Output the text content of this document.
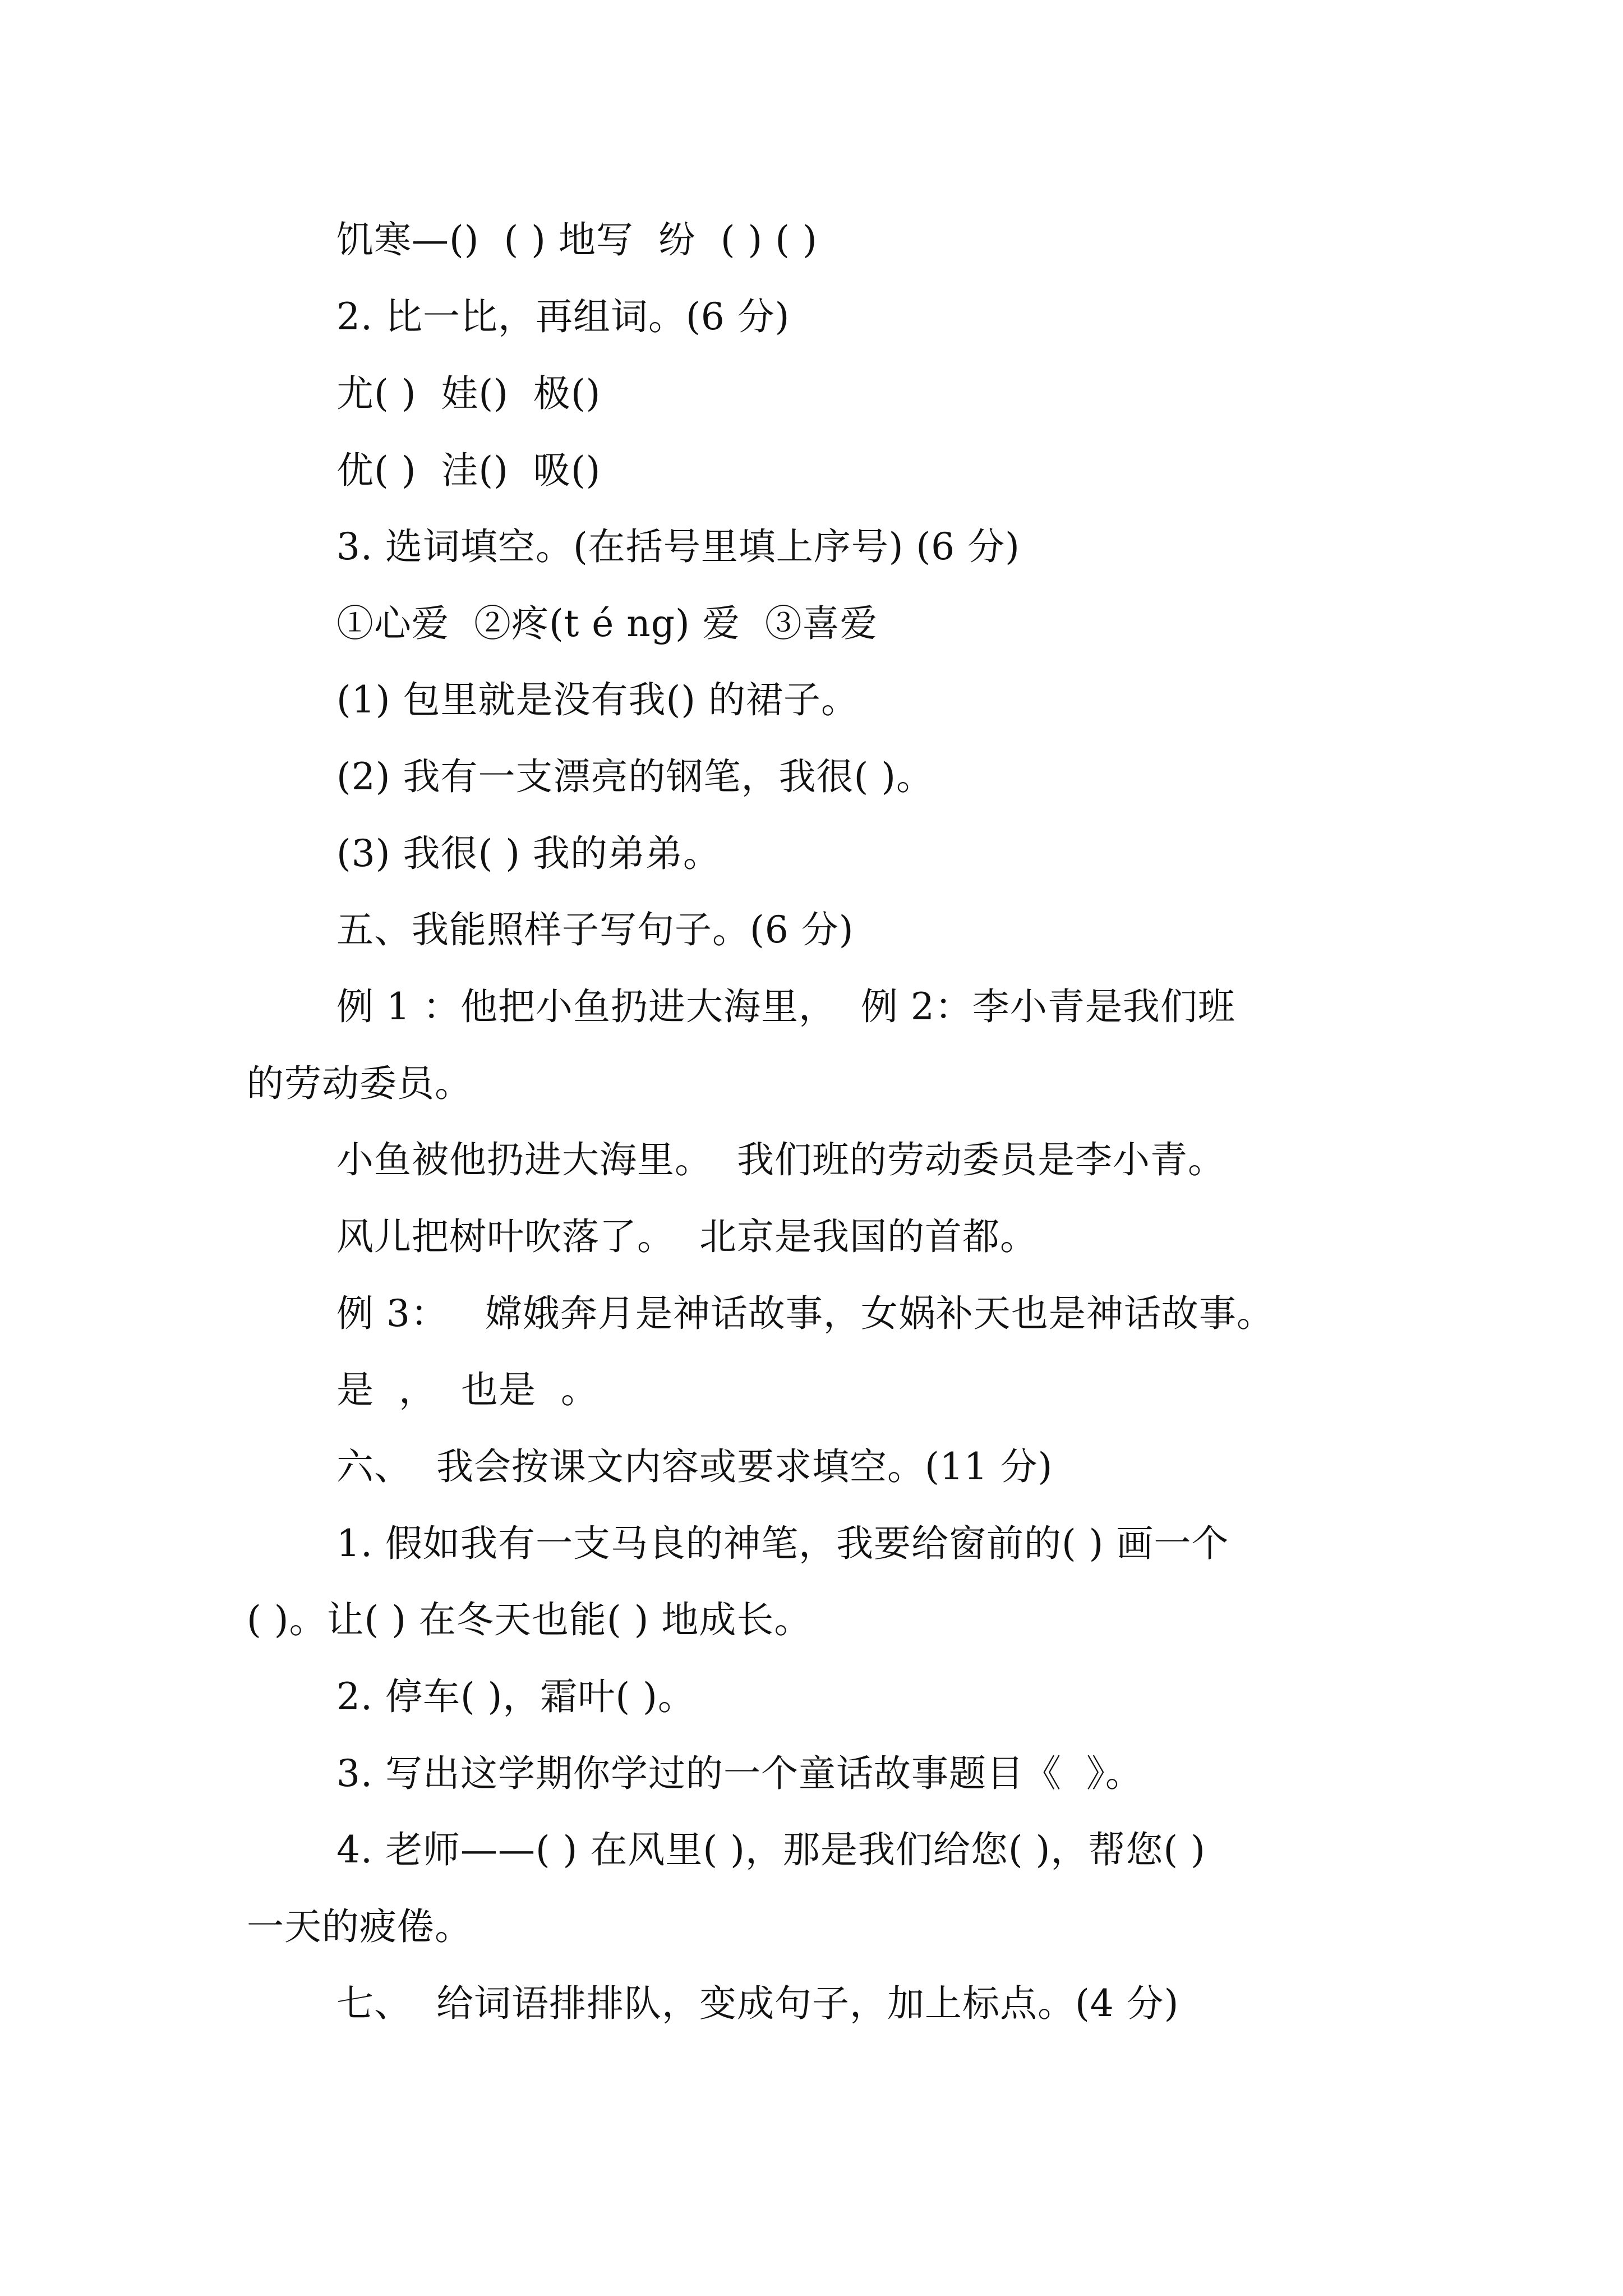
饥寒—()  ( ) 地写  纷  ( ) ( )
2. 比一比，再组词。(6 分)
尤( )  娃()  极()
优( )  洼()  吸()
3. 选词填空。(在括号里填上序号) (6 分)
①心爱  ②疼(t é ng) 爱  ③喜爱
(1) 包里就是没有我() 的裙子。
(2) 我有一支漂亮的钢笔，我很( )。
(3) 我很( ) 我的弟弟。
五、我能照样子写句子。(6 分)
例 1 ：他把小鱼扔进大海里，  例 2：李小青是我们班
的劳动委员。
小鱼被他扔进大海里。  我们班的劳动委员是李小青。
风儿把树叶吹落了。  北京是我国的首都。
例 3：   嫦娥奔月是神话故事，女娲补天也是神话故事。
是  ，  也是  。
六、  我会按课文内容或要求填空。(11 分)
1. 假如我有一支马良的神笔，我要给窗前的( ) 画一个
( )。让( ) 在冬天也能( ) 地成长。
2. 停车( )，霜叶( )。
3. 写出这学期你学过的一个童话故事题目《  》。
4. 老师——( ) 在风里( )，那是我们给您( )，帮您( )
一天的疲倦。
七、  给词语排排队，变成句子，加上标点。(4 分)
